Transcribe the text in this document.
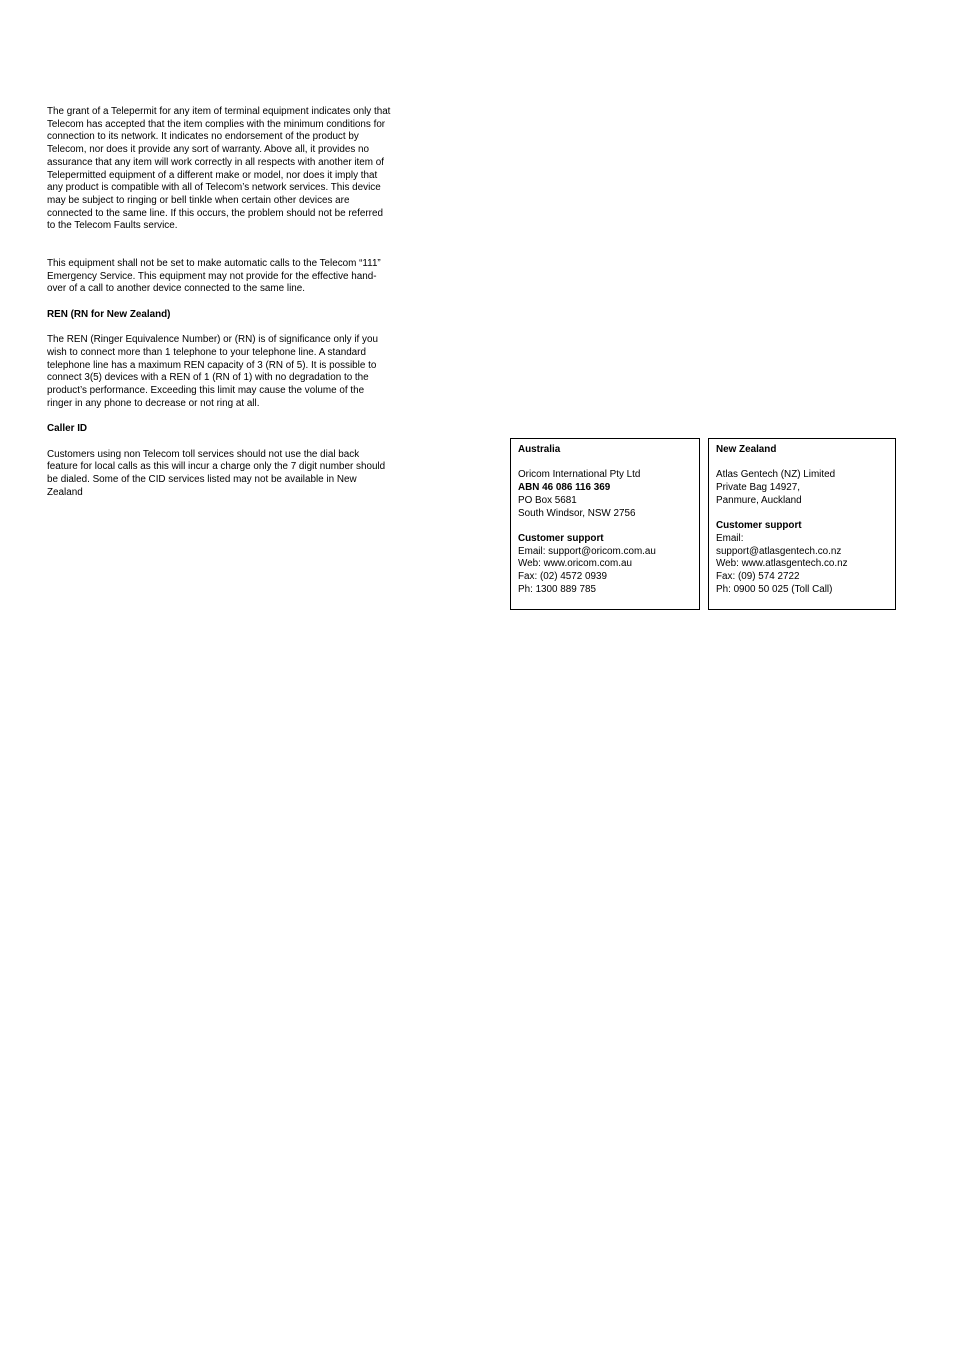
The grant of a Telepermit for any item of terminal equipment indicates only that Telecom has accepted that the item complies with the minimum conditions for connection to its network. It indicates no endorsement of the product by Telecom, nor does it provide any sort of warranty. Above all, it provides no assurance that any item will work correctly in all respects with another item of Telepermitted equipment of a different make or model, nor does it imply that any product is compatible with all of Telecom’s network services. This device may be subject to ringing or bell tinkle when certain other devices are connected to the same line. If this occurs, the problem should not be referred to the Telecom Faults service.

This equipment shall not be set to make automatic calls to the Telecom “111” Emergency Service. This equipment may not provide for the effective hand-over of a call to another device connected to the same line.

REN (RN for New Zealand)

The REN (Ringer Equivalence Number) or (RN) is of significance only if you wish to connect more than 1 telephone to your telephone line. A standard telephone line has a maximum REN capacity of 3 (RN of 5). It is possible to connect 3(5) devices with a REN of 1 (RN of 1) with no degradation to the product’s performance. Exceeding this limit may cause the volume of the ringer in any phone to decrease or not ring at all.

Caller ID

Customers using non Telecom toll services should not use the dial back feature for local calls as this will incur a charge only the 7 digit number should be dialed. Some of the CID services listed may not be available in New Zealand

Australia
Oricom International Pty Ltd
ABN 46 086 116 369
PO Box 5681
South Windsor, NSW 2756
Customer support
Email: support@oricom.com.au
Web: www.oricom.com.au
Fax: (02) 4572 0939
Ph: 1300 889 785
New Zealand
Atlas Gentech (NZ) Limited
Private Bag 14927,
Panmure, Auckland
Customer support
Email:
support@atlasgentech.co.nz
Web: www.atlasgentech.co.nz
Fax: (09) 574 2722
Ph: 0900 50 025 (Toll Call)
